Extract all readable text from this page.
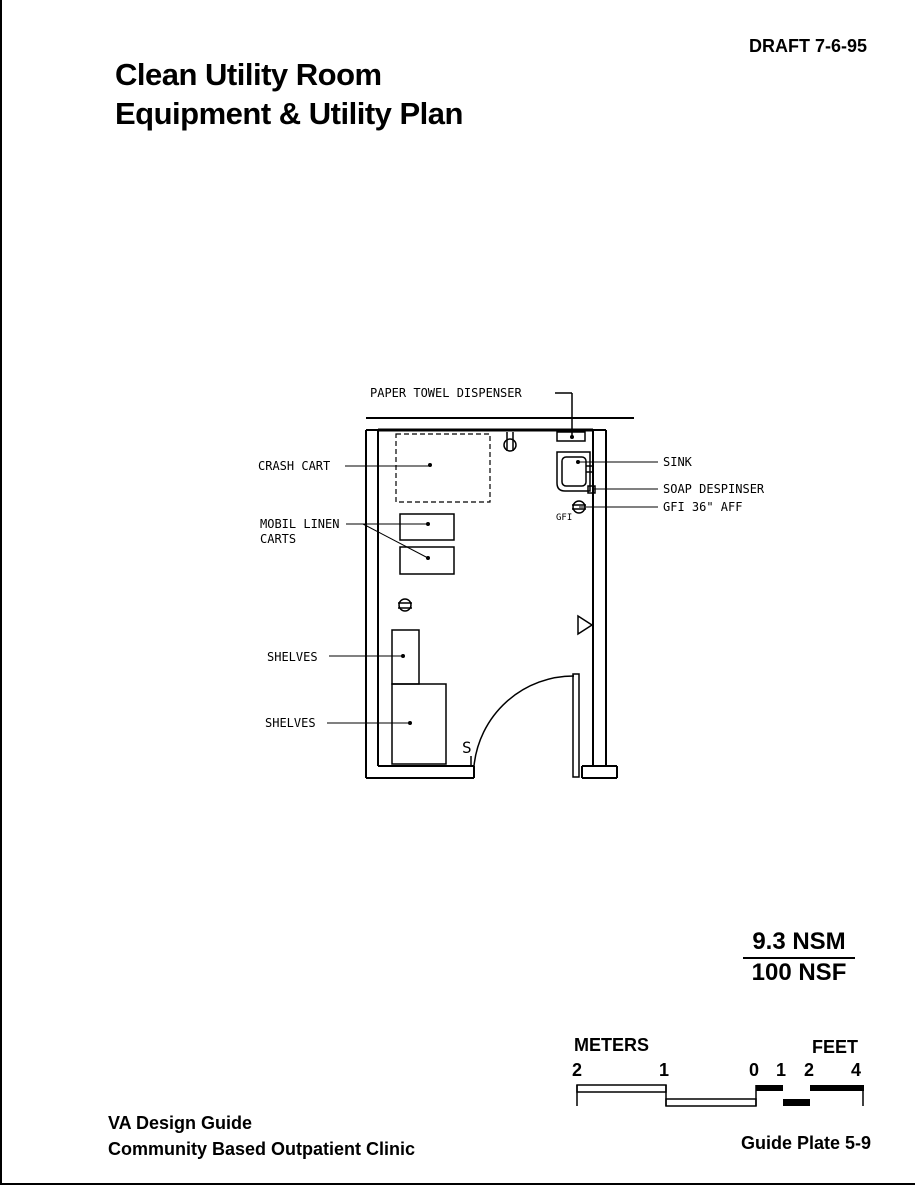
Clean Utility Room
Equipment & Utility Plan
DRAFT 7-6-95
PAPER TOWEL DISPENSER
CRASH CART
MOBIL LINEN
CARTS
SHELVES
SHELVES
SINK
SOAP DESPINSER
GFI 36" AFF
GFI
S
9.3 NSM
100 NSF
METERS	FEET
2	1	0 1 2 4
VA Design Guide
Community Based Outpatient Clinic	Guide Plate 5-9
